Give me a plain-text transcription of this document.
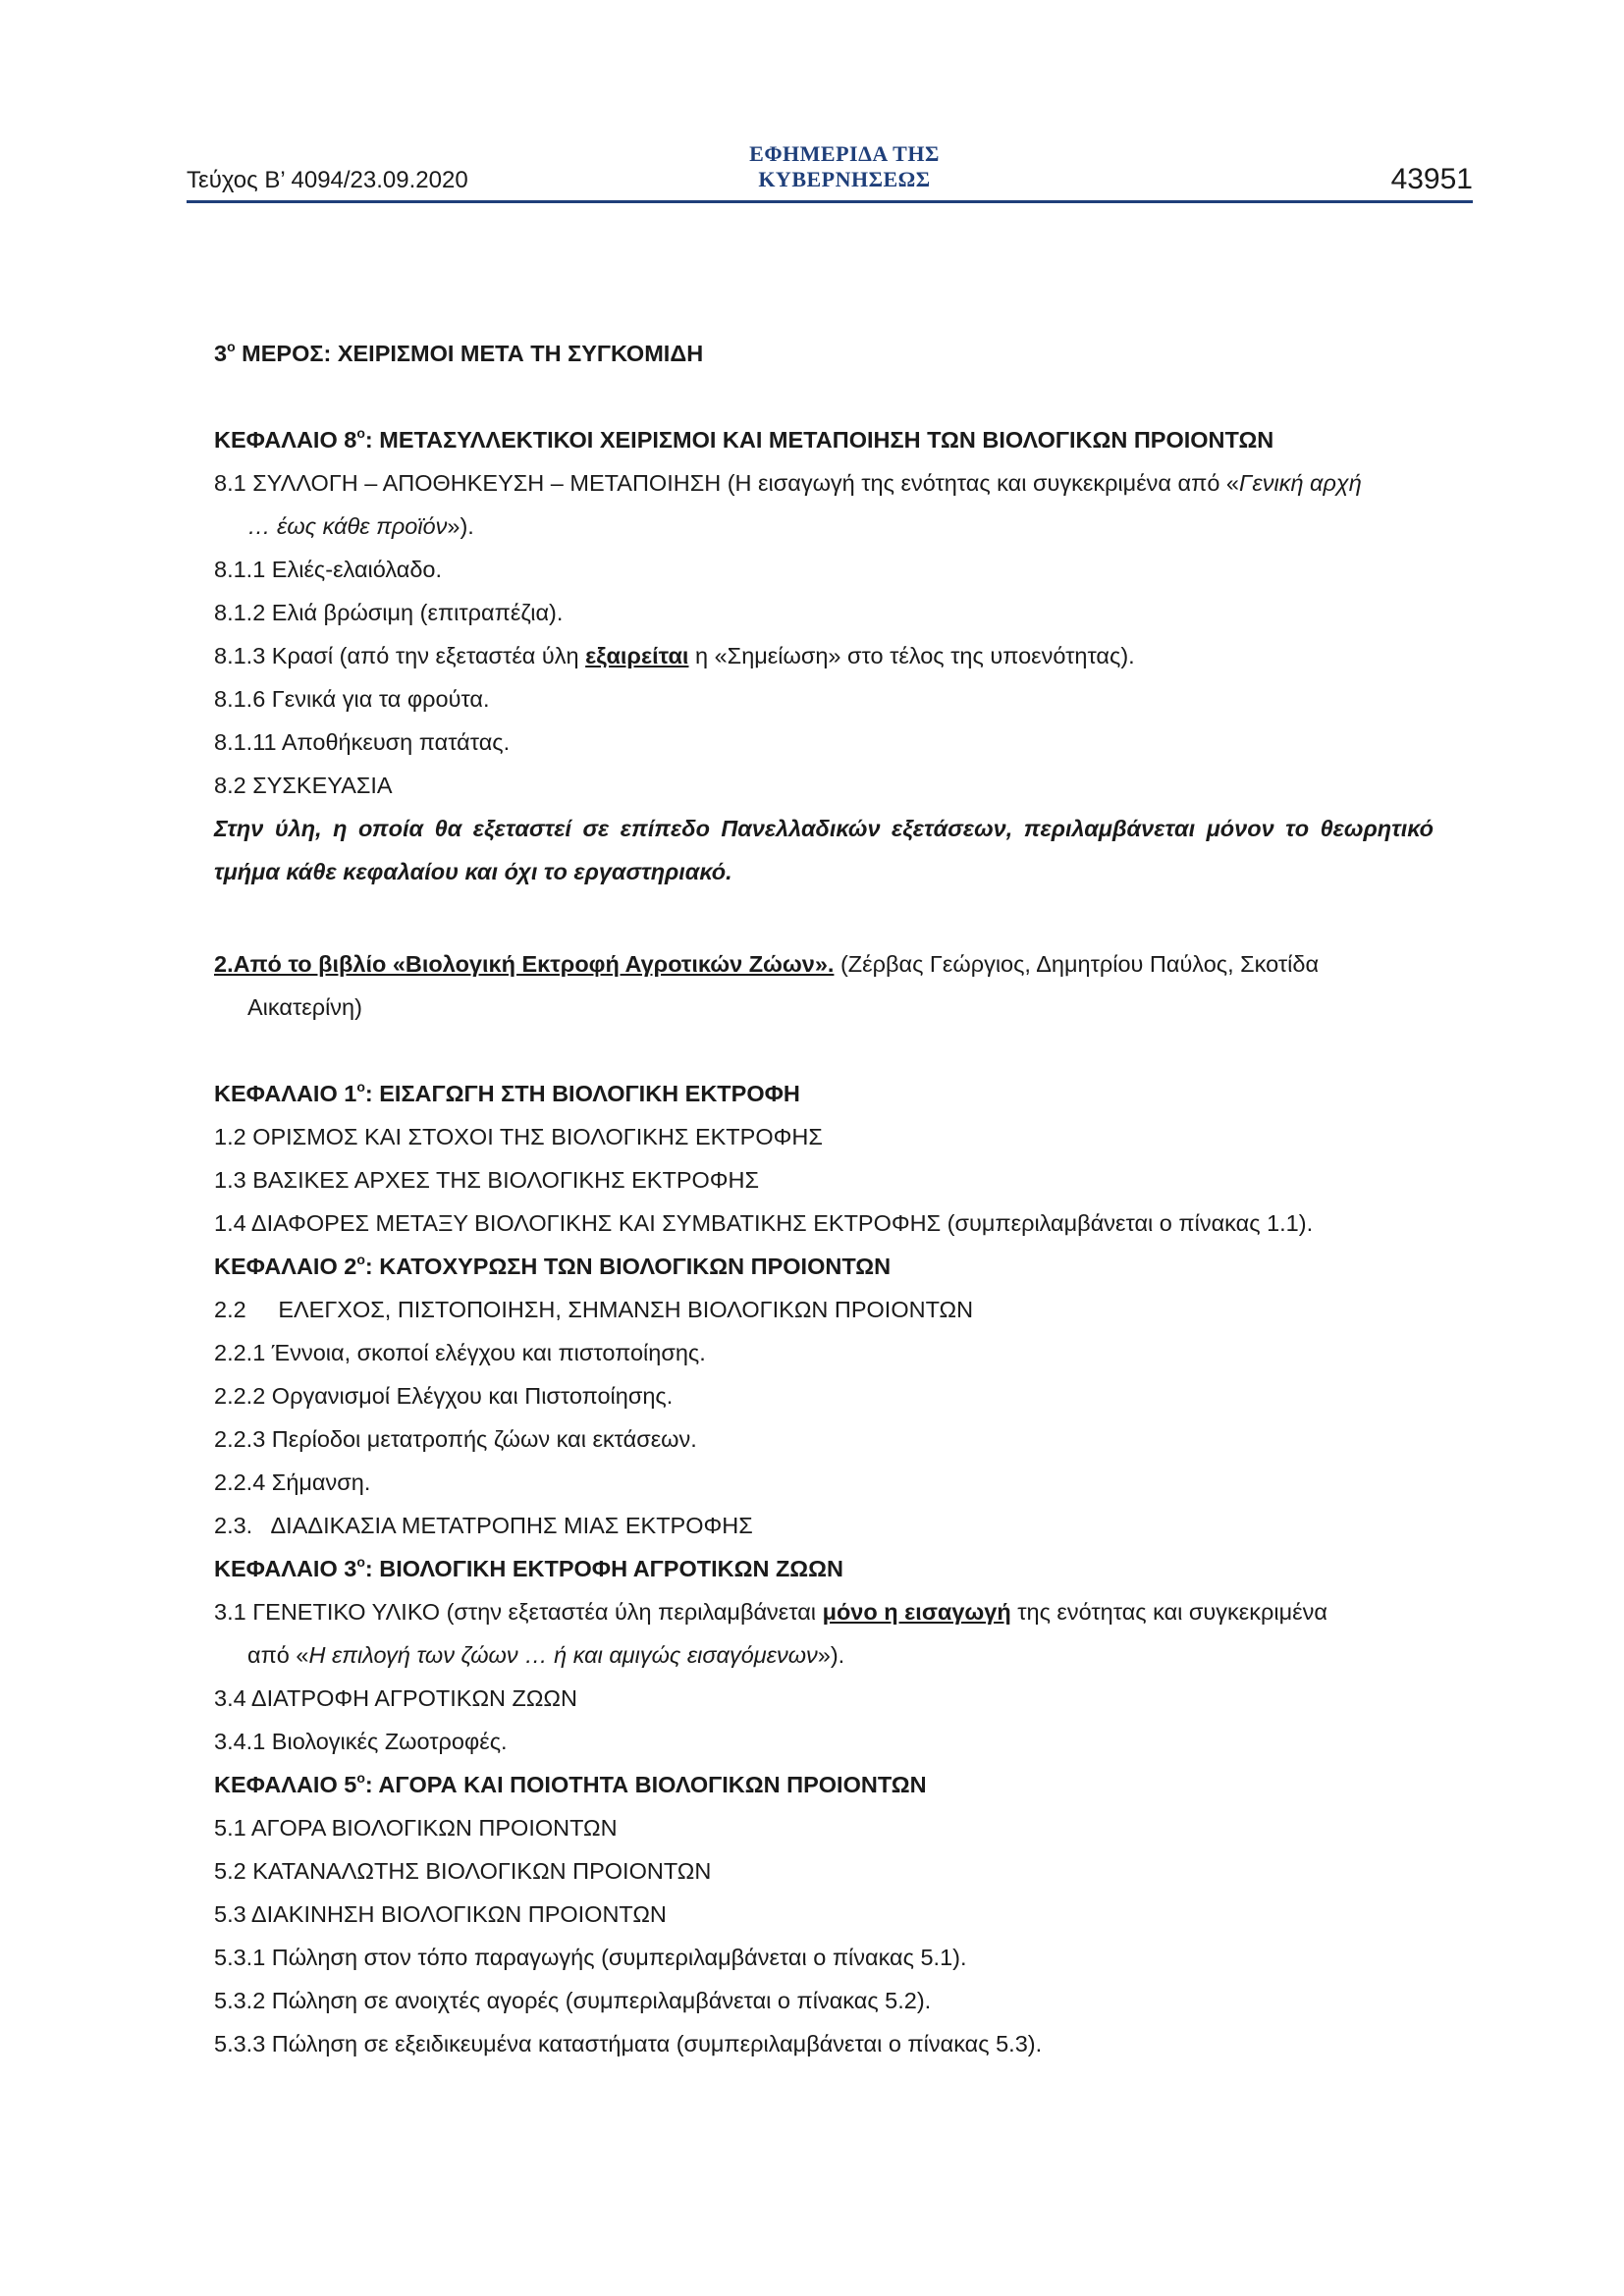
Τεύχος Β’ 4094/23.09.2020
ΕΦΗΜΕΡΙΔΑ ΤΗΣ ΚΥΒΕΡΝΗΣΕΩΣ	43951
$3^o$ ΜΕΡΟΣ: ΧΕΙΡΙΣΜΟΙ ΜΕΤΑ ΤΗ ΣΥΓΚΟΜΙΔΗ
ΚΕΦΑΛΑΙΟ $8^o$: ΜΕΤΑΣΥΛΛΕΚΤΙΚΟΙ ΧΕΙΡΙΣΜΟΙ ΚΑΙ ΜΕΤΑΠΟΙΗΣΗ ΤΩΝ ΒΙΟΛΟΓΙΚΩΝ ΠΡΟΙΟΝΤΩΝ
8.1 ΣΥΛΛΟΓΗ – ΑΠΟΘΗΚΕΥΣΗ – ΜΕΤΑΠΟΙΗΣΗ (Η εισαγωγή της ενότητας και συγκεκριμένα από «Γενική αρχή
… έως κάθε προϊόν»).
8.1.1 Ελιές-ελαιόλαδο.
8.1.2 Ελιά βρώσιμη (επιτραπέζια).
8.1.3 Κρασί (από την εξεταστέα ύλη εξαιρείται η «Σημείωση» στο τέλος της υποενότητας).
8.1.6 Γενικά για τα φρούτα.
8.1.11 Αποθήκευση πατάτας.
8.2 ΣΥΣΚΕΥΑΣΙΑ
Στην ύλη, η οποία θα εξεταστεί σε επίπεδο Πανελλαδικών εξετάσεων, περιλαμβάνεται μόνον το θεωρητικό τμήμα κάθε κεφαλαίου και όχι το εργαστηριακό.
2.Από το βιβλίο «Βιολογική Εκτροφή Αγροτικών Ζώων». (Ζέρβας Γεώργιος, Δημητρίου Παύλος, Σκοτίδα
Αικατερίνη)
ΚΕΦΑΛΑΙΟ $1^o$: ΕΙΣΑΓΩΓΗ ΣΤΗ ΒΙΟΛΟΓΙΚΗ ΕΚΤΡΟΦΗ
1.2 ΟΡΙΣΜΟΣ ΚΑΙ ΣΤΟΧΟΙ ΤΗΣ ΒΙΟΛΟΓΙΚΗΣ ΕΚΤΡΟΦΗΣ
1.3 ΒΑΣΙΚΕΣ ΑΡΧΕΣ ΤΗΣ ΒΙΟΛΟΓΙΚΗΣ ΕΚΤΡΟΦΗΣ
1.4 ΔΙΑΦΟΡΕΣ ΜΕΤΑΞΥ ΒΙΟΛΟΓΙΚΗΣ ΚΑΙ ΣΥΜΒΑΤΙΚΗΣ ΕΚΤΡΟΦΗΣ (συμπεριλαμβάνεται ο πίνακας 1.1).
ΚΕΦΑΛΑΙΟ $2^o$: ΚΑΤΟΧΥΡΩΣΗ ΤΩΝ ΒΙΟΛΟΓΙΚΩΝ ΠΡΟΙΟΝΤΩΝ
2.2     ΕΛΕΓΧΟΣ, ΠΙΣΤΟΠΟΙΗΣΗ, ΣΗΜΑΝΣΗ ΒΙΟΛΟΓΙΚΩΝ ΠΡΟΙΟΝΤΩΝ
2.2.1 Έννοια, σκοποί ελέγχου και πιστοποίησης.
2.2.2 Οργανισμοί Ελέγχου και Πιστοποίησης.
2.2.3 Περίοδοι μετατροπής ζώων και εκτάσεων.
2.2.4 Σήμανση.
2.3.   ΔΙΑΔΙΚΑΣΙΑ ΜΕΤΑΤΡΟΠΗΣ ΜΙΑΣ ΕΚΤΡΟΦΗΣ
ΚΕΦΑΛΑΙΟ $3^o$: ΒΙΟΛΟΓΙΚΗ ΕΚΤΡΟΦΗ ΑΓΡΟΤΙΚΩΝ ΖΩΩΝ
3.1 ΓΕΝΕΤΙΚΟ ΥΛΙΚΟ (στην εξεταστέα ύλη περιλαμβάνεται μόνο η εισαγωγή της ενότητας και συγκεκριμένα
από «Η επιλογή των ζώων … ή και αμιγώς εισαγόμενων»).
3.4 ΔΙΑΤΡΟΦΗ ΑΓΡΟΤΙΚΩΝ ΖΩΩΝ
3.4.1 Βιολογικές Ζωοτροφές.
ΚΕΦΑΛΑΙΟ $5^o$: ΑΓΟΡΑ ΚΑΙ ΠΟΙΟΤΗΤΑ ΒΙΟΛΟΓΙΚΩΝ ΠΡΟΙΟΝΤΩΝ
5.1 ΑΓΟΡΑ ΒΙΟΛΟΓΙΚΩΝ ΠΡΟΙΟΝΤΩΝ
5.2 ΚΑΤΑΝΑΛΩΤΗΣ ΒΙΟΛΟΓΙΚΩΝ ΠΡΟΙΟΝΤΩΝ
5.3 ΔΙΑΚΙΝΗΣΗ ΒΙΟΛΟΓΙΚΩΝ ΠΡΟΙΟΝΤΩΝ
5.3.1 Πώληση στον τόπο παραγωγής (συμπεριλαμβάνεται ο πίνακας 5.1).
5.3.2 Πώληση σε ανοιχτές αγορές (συμπεριλαμβάνεται ο πίνακας 5.2).
5.3.3 Πώληση σε εξειδικευμένα καταστήματα (συμπεριλαμβάνεται ο πίνακας 5.3).
